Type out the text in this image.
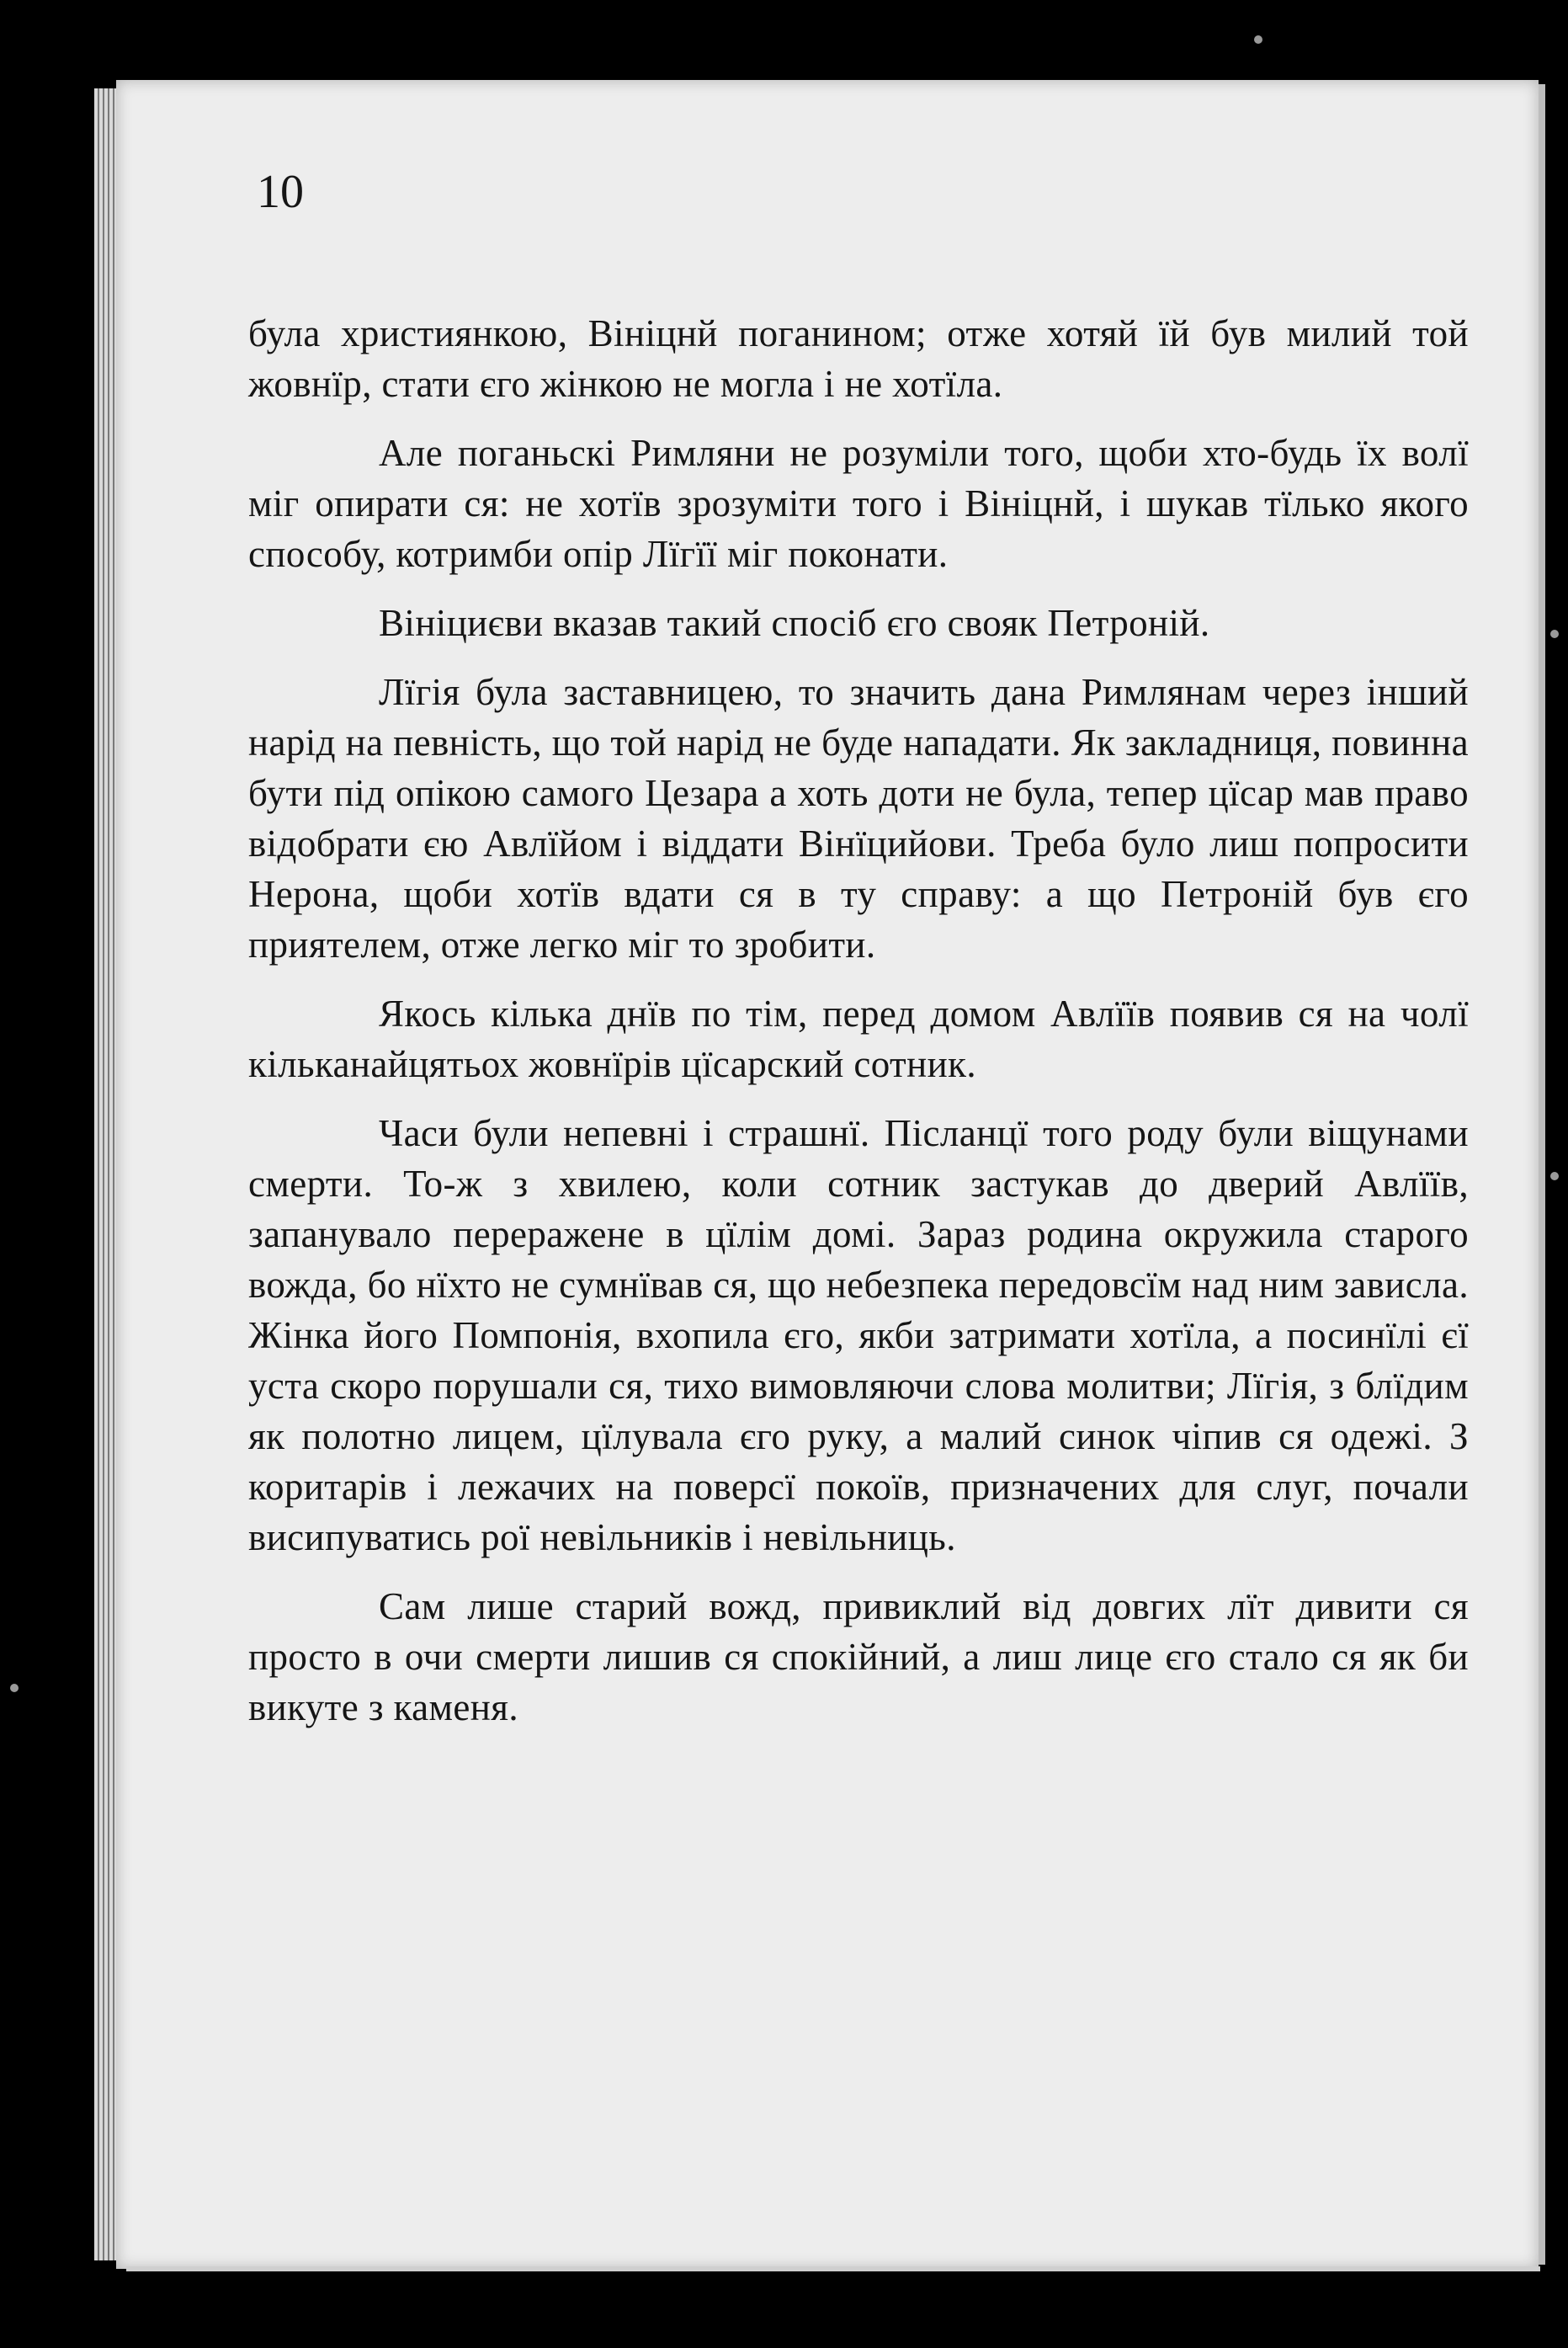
10

була християнкою, Вініцнй поганином; отже хотяй їй був милий той жовнїр, стати єго жінкою не могла і не хотїла.

Але поганьскі Римляни не розуміли того, щоби хто-будь їх волї міг опирати ся: не хотїв зрозуміти того і Вініцнй, і шукав тїлько якого способу, котримби опір Лїгїї міг поконати.

Вініциєви вказав такий спосіб єго свояк Петроній.

Лїгія була заставницею, то значить дана Римлянам через інший нарід на певність, що той нарід не буде нападати. Як закладниця, повинна бути під опікою самого Цезара а хоть доти не була, тепер цїсар мав право відобрати єю Авлїйом і віддати Вінїцийови. Треба було лиш попросити Нерона, щоби хотїв вдати ся в ту справу: а що Петроній був єго приятелем, отже легко міг то зробити.

Якось кілька днїв по тім, перед домом Авлїїв появив ся на чолї кільканайцятьох жовнїрів цїсарский сотник.

Часи були непевні і страшнї. Післанцї того роду були віщунами смерти. То-ж з хвилею, коли сотник застукав до дверий Авлїїв, запанувало переражене в цїлім домі. Зараз родина окружила старого вожда, бо нїхто не сумнївав ся, що небезпека передовсїм над ним зависла. Жінка його Помпонія, вхопила єго, якби затримати хотїла, а посинїлі єї уста скоро порушали ся, тихо вимовляючи слова молитви; Лїгія, з блїдим як полотно лицем, цїлувала єго руку, а малий синок чіпив ся одежі. З коритарів і лежачих на поверсї покоїв, призначених для слуг, почали висипуватись рої невільників і невільниць.

Сам лише старий вожд, привиклий від довгих лїт дивити ся просто в очи смерти лишив ся спокійний, а лиш лице єго стало ся як би викуте з каменя.
